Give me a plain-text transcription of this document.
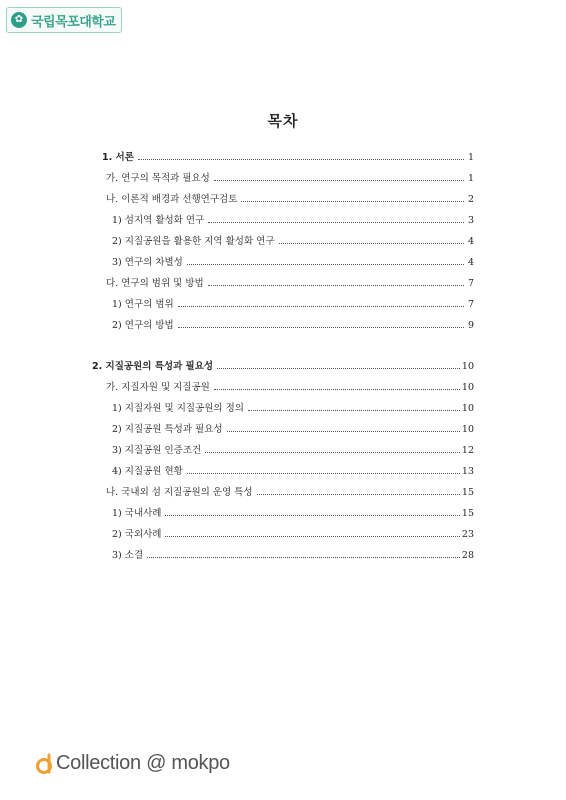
✿ 국립목포대학교
목차
1. 서론	1
가. 연구의 목적과 필요성	1
나. 이론적 배경과 선행연구검토	2
1) 섬지역 활성화 연구	3
2) 지질공원을 활용한 지역 활성화 연구	4
3) 연구의 차별성	4
다. 연구의 범위 및 방법	7
1) 연구의 범위	7
2) 연구의 방법	9
2. 지질공원의 특성과 필요성	10
가. 지질자원 및 지질공원	10
1) 지질자원 및 지질공원의 정의	10
2) 지질공원 특성과 필요성	10
3) 지질공원 인증조건	12
4) 지질공원 현황	13
나. 국내외 섬 지질공원의 운영 특성	15
1) 국내사례	15
2) 국외사례	23
3) 소결	28
Collection @ mokpo
